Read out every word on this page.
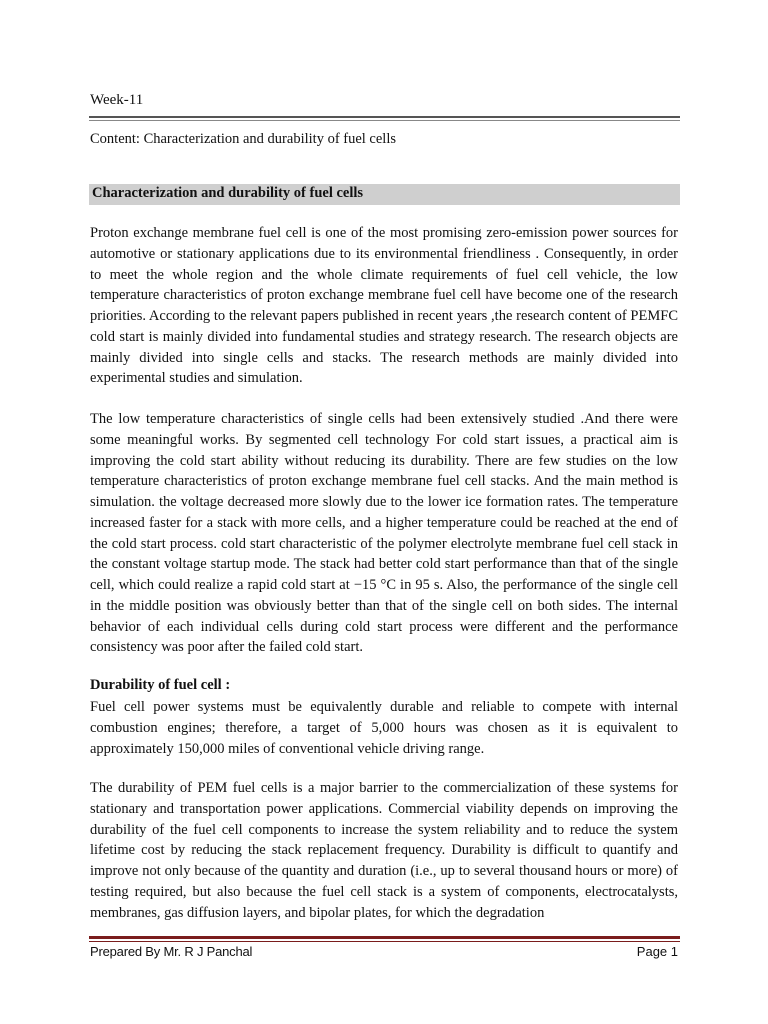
Week-11
Content: Characterization and durability of fuel cells
Characterization and durability of fuel cells

Proton exchange membrane fuel cell is one of the most promising zero-emission power sources for automotive or stationary applications due to its environmental friendliness . Consequently, in order to meet the whole region and the whole climate requirements of fuel cell vehicle, the low temperature characteristics of proton exchange membrane fuel cell have become one of the research priorities. According to the relevant papers published in recent years ,the research content of PEMFC cold start is mainly divided into fundamental studies and strategy research. The research objects are mainly divided into single cells and stacks. The research methods are mainly divided into experimental studies and simulation.

The low temperature characteristics of single cells had been extensively studied .And there were some meaningful works. By segmented cell technology For cold start issues, a practical aim is improving the cold start ability without reducing its durability. There are few studies on the low temperature characteristics of proton exchange membrane fuel cell stacks. And the main method is simulation. the voltage decreased more slowly due to the lower ice formation rates. The temperature increased faster for a stack with more cells, and a higher temperature could be reached at the end of the cold start process. cold start characteristic of the polymer electrolyte membrane fuel cell stack in the constant voltage startup mode. The stack had better cold start performance than that of the single cell, which could realize a rapid cold start at −15 °C in 95 s. Also, the performance of the single cell in the middle position was obviously better than that of the single cell on both sides. The internal behavior of each individual cells during cold start process were different and the performance consistency was poor after the failed cold start.

Durability of fuel cell :

Fuel cell power systems must be equivalently durable and reliable to compete with internal combustion engines; therefore, a target of 5,000 hours was chosen as it is equivalent to approximately 150,000 miles of conventional vehicle driving range.

The durability of PEM fuel cells is a major barrier to the commercialization of these systems for stationary and transportation power applications. Commercial viability depends on improving the durability of the fuel cell components to increase the system reliability and to reduce the system lifetime cost by reducing the stack replacement frequency. Durability is difficult to quantify and improve not only because of the quantity and duration (i.e., up to several thousand hours or more) of testing required, but also because the fuel cell stack is a system of components, electrocatalysts, membranes, gas diffusion layers, and bipolar plates, for which the degradation

Prepared By Mr. R J Panchal	Page 1
